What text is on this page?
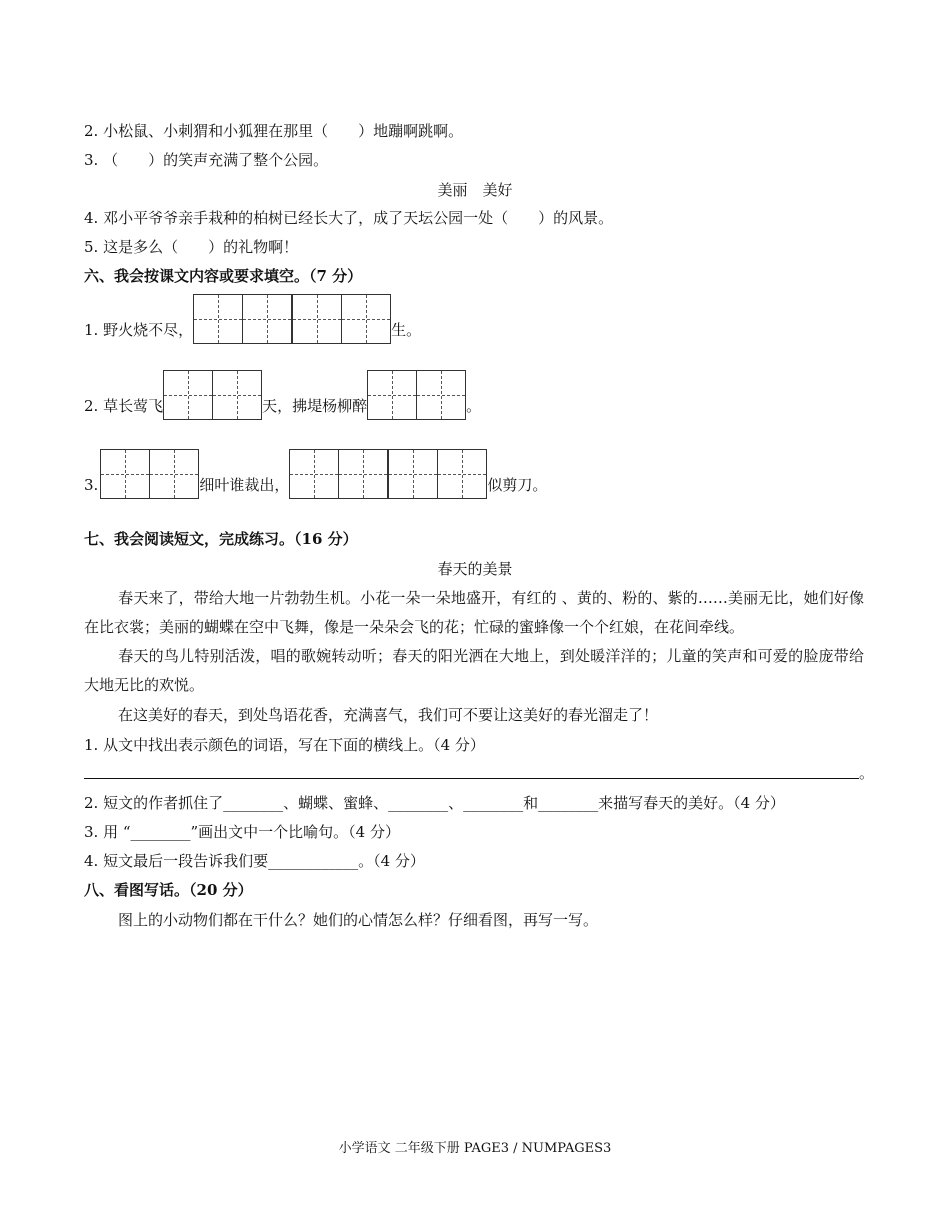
2. 小松鼠、小刺猬和小狐狸在那里（　　）地蹦啊跳啊。
3. （　　）的笑声充满了整个公园。
美丽　美好
4. 邓小平爷爷亲手栽种的柏树已经长大了，成了天坛公园一处（　　）的风景。
5. 这是多么（　　）的礼物啊！
六、我会按课文内容或要求填空。（7 分）
1. 野火烧不尽，	生。
2. 草长莺飞	天，拂堤杨柳醉	。
3.	细叶谁裁出，	似剪刀。
七、我会阅读短文，完成练习。（16 分）
春天的美景
春天来了，带给大地一片勃勃生机。小花一朵一朵地盛开，有红的 、黄的、粉的、紫的……美丽无比，她们好像在比衣裳；美丽的蝴蝶在空中飞舞，像是一朵朵会飞的花；忙碌的蜜蜂像一个个红娘，在花间牵线。
春天的鸟儿特别活泼，唱的歌婉转动听；春天的阳光洒在大地上，到处暖洋洋的；儿童的笑声和可爱的脸庞带给大地无比的欢悦。
在这美好的春天，到处鸟语花香，充满喜气，我们可不要让这美好的春光溜走了！
1. 从文中找出表示颜色的词语，写在下面的横线上。（4 分）
。
2. 短文的作者抓住了________、蝴蝶、蜜蜂、________、________和________来描写春天的美好。（4 分）
3. 用 “________”画出文中一个比喻句。（4 分）
4. 短文最后一段告诉我们要____________。（4 分）
八、看图写话。（20 分）
图上的小动物们都在干什么？她们的心情怎么样？仔细看图，再写一写。
小学语文 二年级下册 PAGE3 / NUMPAGES3
